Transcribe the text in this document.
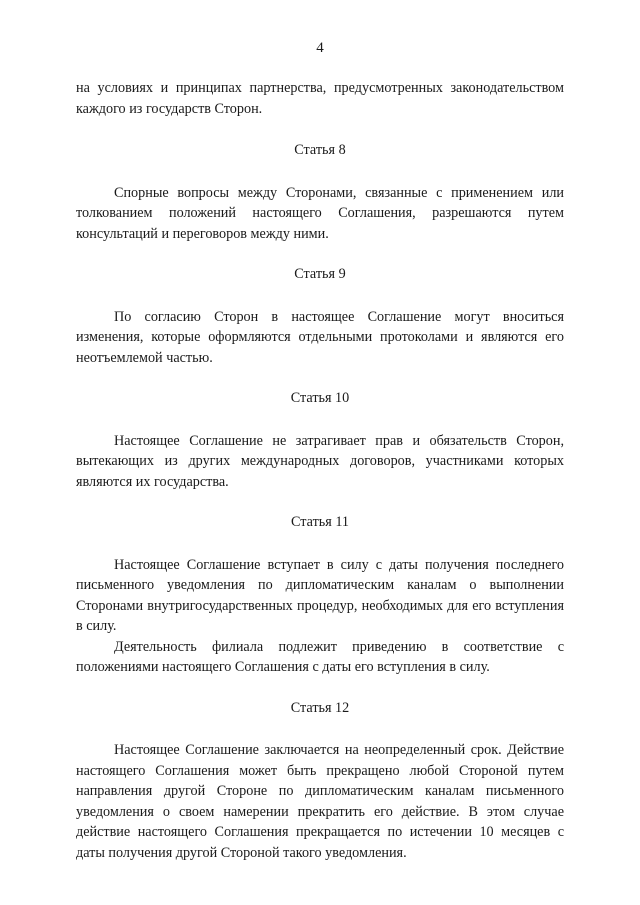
4

на условиях и принципах партнерства, предусмотренных законодательством каждого из государств Сторон.

Статья 8

Спорные вопросы между Сторонами, связанные с применением или толкованием положений настоящего Соглашения, разрешаются путем консультаций и переговоров между ними.

Статья 9

По согласию Сторон в настоящее Соглашение могут вноситься изменения, которые оформляются отдельными протоколами и являются его неотъемлемой частью.

Статья 10

Настоящее Соглашение не затрагивает прав и обязательств Сторон, вытекающих из других международных договоров, участниками которых являются их государства.

Статья 11

Настоящее Соглашение вступает в силу с даты получения последнего письменного уведомления по дипломатическим каналам о выполнении Сторонами внутригосударственных процедур, необходимых для его вступления в силу.

Деятельность филиала подлежит приведению в соответствие с положениями настоящего Соглашения с даты его вступления в силу.

Статья 12

Настоящее Соглашение заключается на неопределенный срок. Действие настоящего Соглашения может быть прекращено любой Стороной путем направления другой Стороне по дипломатическим каналам письменного уведомления о своем намерении прекратить его действие. В этом случае действие настоящего Соглашения прекращается по истечении 10 месяцев с даты получения другой Стороной такого уведомления.
